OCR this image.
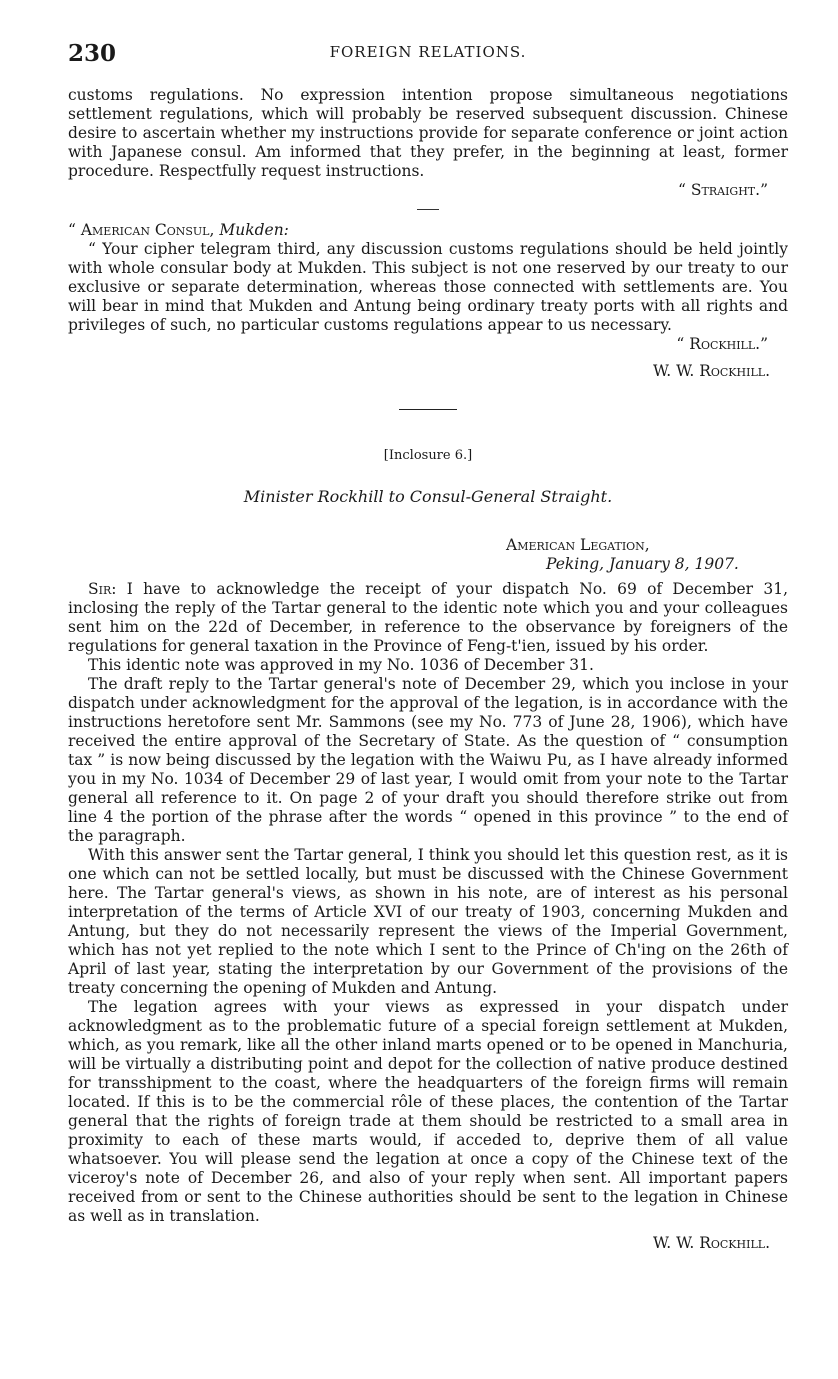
230	FOREIGN RELATIONS.

customs regulations. No expression intention propose simultaneous negotiations settlement regulations, which will probably be reserved subsequent discussion. Chinese desire to ascertain whether my instructions provide for separate conference or joint action with Japanese consul. Am informed that they prefer, in the beginning at least, former procedure. Respectfully request instructions.

“ Straight.”

“ American Consul, Mukden:

“ Your cipher telegram third, any discussion customs regulations should be held jointly with whole consular body at Mukden. This subject is not one reserved by our treaty to our exclusive or separate determination, whereas those connected with settlements are. You will bear in mind that Mukden and Antung being ordinary treaty ports with all rights and privileges of such, no particular customs regulations appear to us necessary.

“ Rockhill.”

W. W. Rockhill.

[Inclosure 6.]

Minister Rockhill to Consul-General Straight.

American Legation,

Peking, January 8, 1907.

Sir: I have to acknowledge the receipt of your dispatch No. 69 of December 31, inclosing the reply of the Tartar general to the identic note which you and your colleagues sent him on the 22d of December, in reference to the observance by foreigners of the regulations for general taxation in the Province of Feng-t'ien, issued by his order.

This identic note was approved in my No. 1036 of December 31.

The draft reply to the Tartar general's note of December 29, which you inclose in your dispatch under acknowledgment for the approval of the legation, is in accordance with the instructions heretofore sent Mr. Sammons (see my No. 773 of June 28, 1906), which have received the entire approval of the Secretary of State. As the question of “ consumption tax ” is now being discussed by the legation with the Waiwu Pu, as I have already informed you in my No. 1034 of December 29 of last year, I would omit from your note to the Tartar general all reference to it. On page 2 of your draft you should therefore strike out from line 4 the portion of the phrase after the words “ opened in this province ” to the end of the paragraph.

With this answer sent the Tartar general, I think you should let this question rest, as it is one which can not be settled locally, but must be discussed with the Chinese Government here. The Tartar general's views, as shown in his note, are of interest as his personal interpretation of the terms of Article XVI of our treaty of 1903, concerning Mukden and Antung, but they do not necessarily represent the views of the Imperial Government, which has not yet replied to the note which I sent to the Prince of Ch'ing on the 26th of April of last year, stating the interpretation by our Government of the provisions of the treaty concerning the opening of Mukden and Antung.

The legation agrees with your views as expressed in your dispatch under acknowledgment as to the problematic future of a special foreign settlement at Mukden, which, as you remark, like all the other inland marts opened or to be opened in Manchuria, will be virtually a distributing point and depot for the collection of native produce destined for transshipment to the coast, where the headquarters of the foreign firms will remain located. If this is to be the commercial rôle of these places, the contention of the Tartar general that the rights of foreign trade at them should be restricted to a small area in proximity to each of these marts would, if acceded to, deprive them of all value whatsoever. You will please send the legation at once a copy of the Chinese text of the viceroy's note of December 26, and also of your reply when sent. All important papers received from or sent to the Chinese authorities should be sent to the legation in Chinese as well as in translation.

W. W. Rockhill.
